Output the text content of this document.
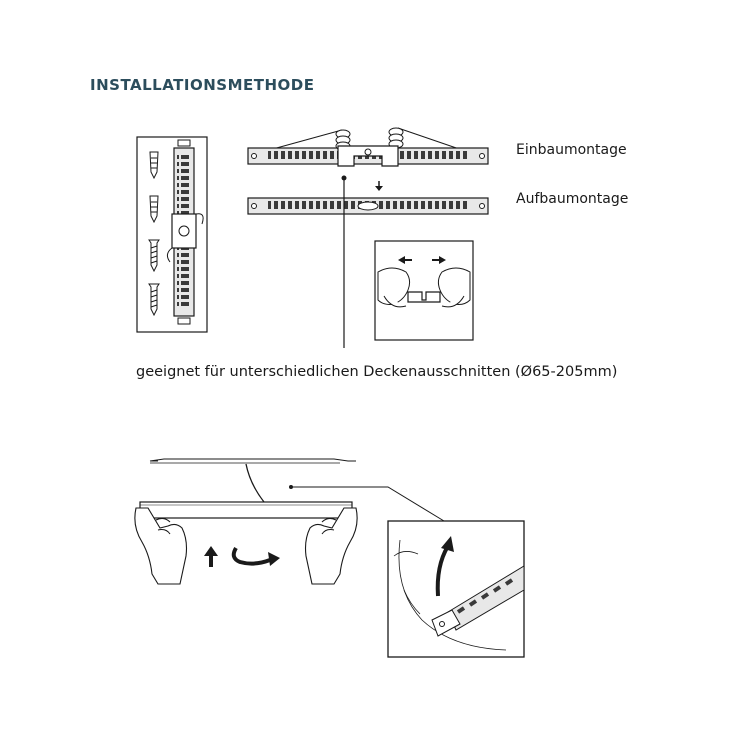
INSTALLATIONSMETHODE
Einbaumontage
Aufbaumontage
geeignet für unterschiedlichen Deckenausschnitten (Ø65-205mm)
